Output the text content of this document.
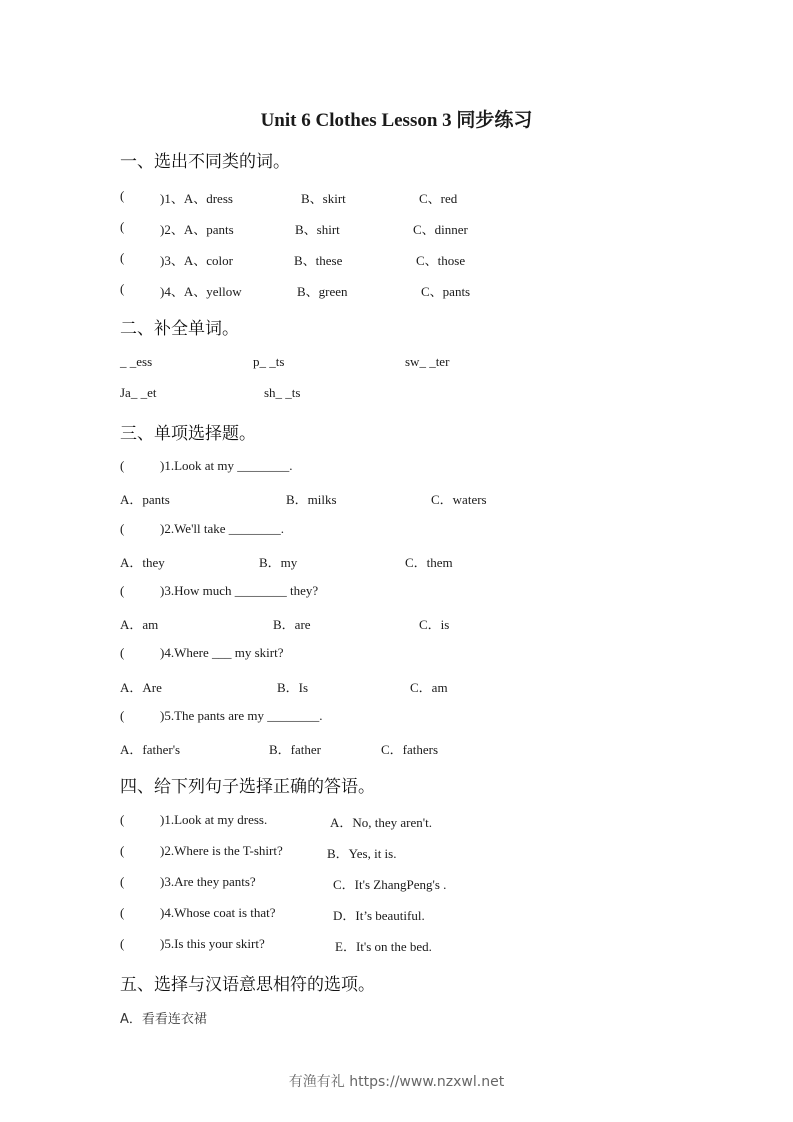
Unit 6 Clothes Lesson 3 同步练习
一、选出不同类的词。
(	)1、A、dress	B、skirt	C、red
(	)2、A、pants	B、shirt	C、dinner
(	)3、A、color	B、these	C、those
(	)4、A、yellow	B、green	C、pants
二、补全单词。
_ _ess	p_ _ts	sw_ _ter
Ja_ _et	sh_ _ts
三、单项选择题。
(	)1.Look at my ________.
A．pants	B．milks	C．waters
(	)2.We'll take ________.
A．they	B．my	C．them
(	)3.How much ________ they?
A．am	B．are	C．is
(	)4.Where ___ my skirt?
A．Are	B．Is	C．am
(	)5.The pants are my ________.
A．father's	B．father	C．fathers
四、给下列句子选择正确的答语。
(	)1.Look at my dress.	A．No, they aren't.
(	)2.Where is the T-shirt?	B．Yes, it is.
(	)3.Are they pants?	C．It's ZhangPeng's .
(	)4.Whose coat is that?	D．It’s beautiful.
(	)5.Is this your skirt?	E．It's on the bed.
五、选择与汉语意思相符的选项。
A．看看连衣裙
有渔有礼 https://www.nzxwl.net
